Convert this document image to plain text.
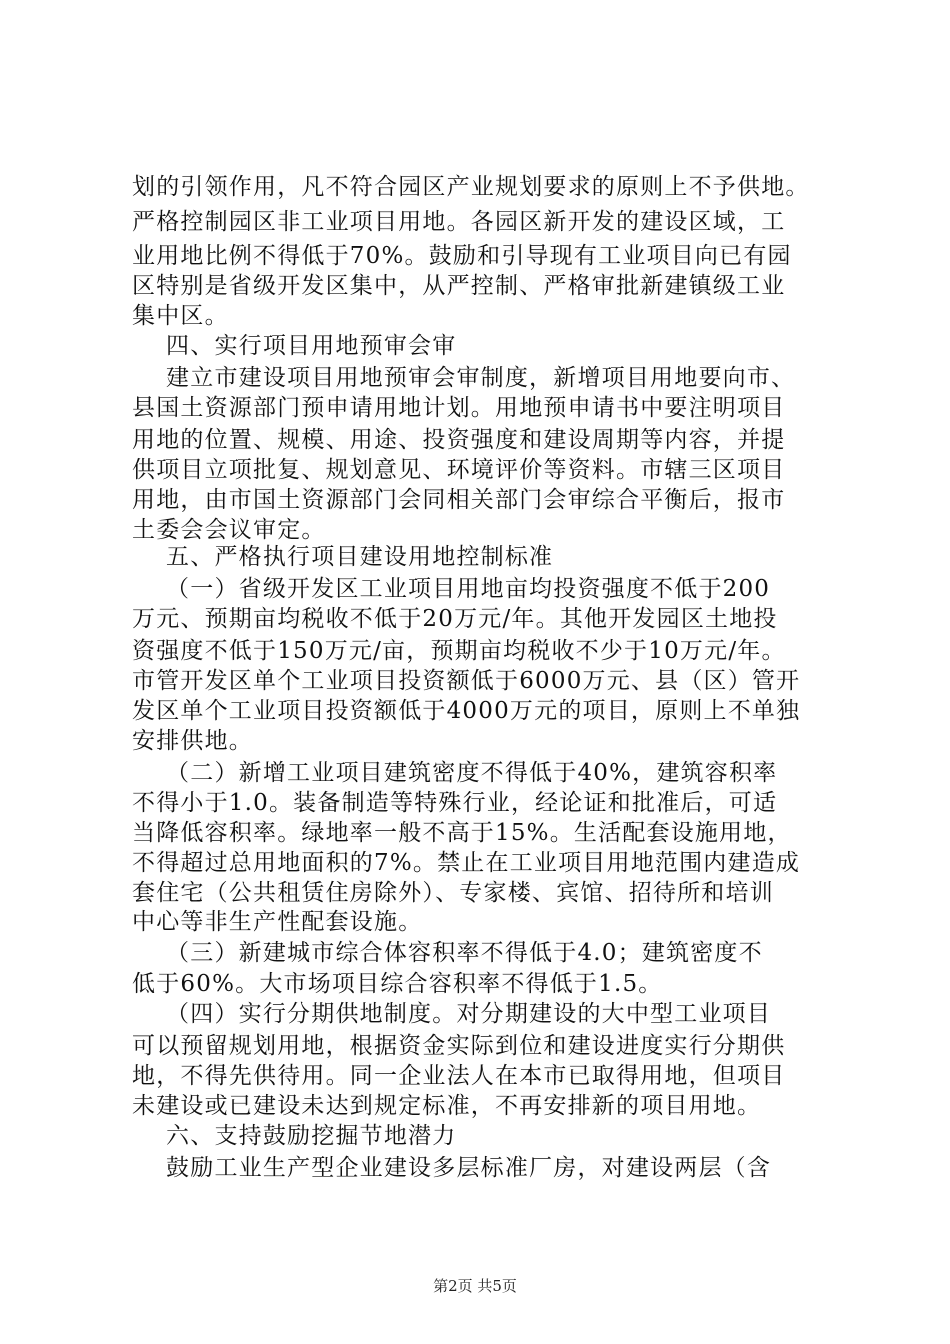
划的引领作用，凡不符合园区产业规划要求的原则上不予供地。
严格控制园区非工业项目用地。各园区新开发的建设区域，工
业用地比例不得低于70%。鼓励和引导现有工业项目向已有园
区特别是省级开发区集中，从严控制、严格审批新建镇级工业
集中区。
四、实行项目用地预审会审
建立市建设项目用地预审会审制度，新增项目用地要向市、
县国土资源部门预申请用地计划。用地预申请书中要注明项目
用地的位置、规模、用途、投资强度和建设周期等内容，并提
供项目立项批复、规划意见、环境评价等资料。市辖三区项目
用地，由市国土资源部门会同相关部门会审综合平衡后，报市
土委会会议审定。
五、严格执行项目建设用地控制标准
（一）省级开发区工业项目用地亩均投资强度不低于200
万元、预期亩均税收不低于20万元/年。其他开发园区土地投
资强度不低于150万元/亩，预期亩均税收不少于10万元/年。
市管开发区单个工业项目投资额低于6000万元、县（区）管开
发区单个工业项目投资额低于4000万元的项目，原则上不单独
安排供地。
（二）新增工业项目建筑密度不得低于40%，建筑容积率
不得小于1.0。装备制造等特殊行业，经论证和批准后，可适
当降低容积率。绿地率一般不高于15%。生活配套设施用地，
不得超过总用地面积的7%。禁止在工业项目用地范围内建造成
套住宅（公共租赁住房除外）、专家楼、宾馆、招待所和培训
中心等非生产性配套设施。
（三）新建城市综合体容积率不得低于4.0；建筑密度不
低于60%。大市场项目综合容积率不得低于1.5。
（四）实行分期供地制度。对分期建设的大中型工业项目
可以预留规划用地，根据资金实际到位和建设进度实行分期供
地，不得先供待用。同一企业法人在本市已取得用地，但项目
未建设或已建设未达到规定标准，不再安排新的项目用地。
六、支持鼓励挖掘节地潜力
鼓励工业生产型企业建设多层标准厂房，对建设两层（含
第2页 共5页
